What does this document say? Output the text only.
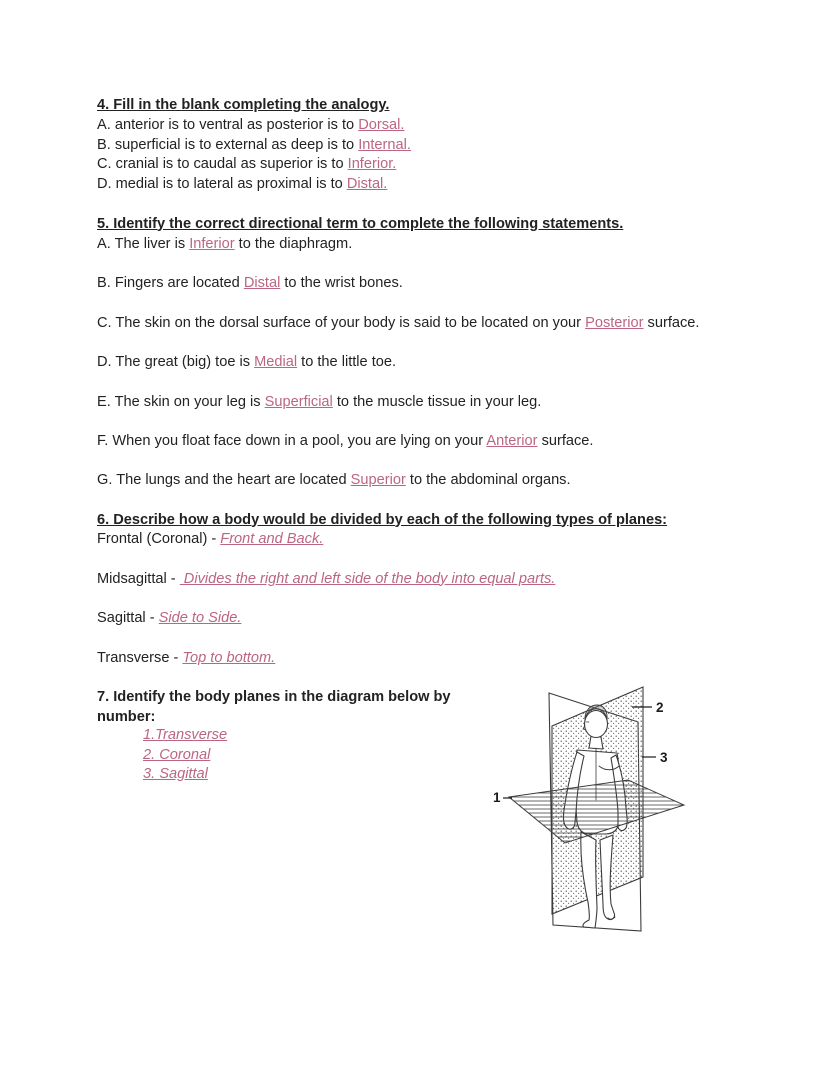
4. Fill in the blank completing the analogy.
A. anterior is to ventral as posterior is to Dorsal.
B. superficial is to external as deep is to Internal.
C. cranial is to caudal as superior is to Inferior.
D. medial is to lateral as proximal is to Distal.
5. Identify the correct directional term to complete the following statements.
A. The liver is Inferior to the diaphragm.
B. Fingers are located Distal to the wrist bones.
C. The skin on the dorsal surface of your body is said to be located on your Posterior surface.
D. The great (big) toe is Medial to the little toe.
E. The skin on your leg is Superficial to the muscle tissue in your leg.
F. When you float face down in a pool, you are lying on your Anterior surface.
G. The lungs and the heart are located Superior to the abdominal organs.
6. Describe how a body would be divided by each of the following types of planes:
Frontal (Coronal) - Front and Back.
Midsagittal -  Divides the right and left side of the body into equal parts.
Sagittal - Side to Side.
Transverse - Top to bottom.
7. Identify the body planes in the diagram below by
number:
1.Transverse
2. Coronal
3. Sagittal
1
2
3
